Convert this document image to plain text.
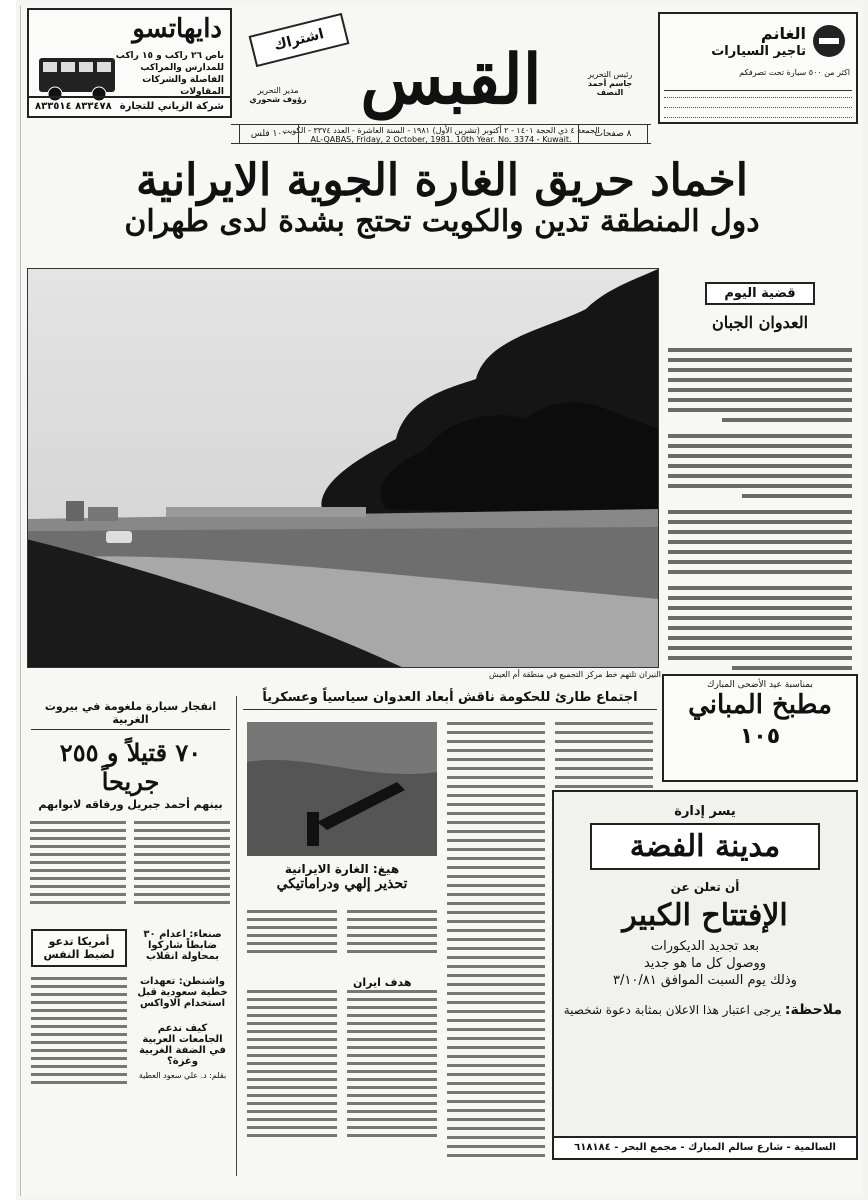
دايهاتسو
باص ٢٦ راكب و ١٥ راكب
للمدارس والمراكب
الفاصلة والشركات
المقاولات
شركة الزياني للتجارة
٨٣٣٤٧٨ ٨٣٣٥١٤
الغانم
تاجير السيارات
اكثر من ٥٠٠ سيارة تحت تصرفكم
اشتراك القبس	رئيس التحرير
جاسم أحمد النصف
مدير التحرير
رؤوف شحوري
الجمعة ٤ ذي الحجة ١٤٠١ - ٢ أكتوبر (تشرين الأول) ١٩٨١ - السنة العاشرة - العدد ٣٣٧٤ - الكويت
AL-QABAS, Friday, 2 October, 1981. 10th Year. No. 3374 - Kuwait.
١٠٠ فلس	٨ صفحات
اخماد حريق الغارة الجوية الايرانية
دول المنطقة تدين والكويت تحتج بشدة لدى طهران
النيران تلتهم خط مركز التجميع في منطقة أم العيش
قضية اليوم
العدوان الجبان
بمناسبة عيد الأضحى المبارك
مطبخ المباني
١٠٥
انفجار سيارة ملغومة في بيروت الغربية
٧٠ قتيلاً و ٢٥٥ جريحاً
بينهم أحمد جبريل ورفاقه لابوابهم
صنعاء: اعدام ٣٠ ضابطاً شاركوا بمحاولة انقلاب
واشنطن: تعهدات خطية سعودية قبل استخدام الاواكس
كيف ندعم الجامعات العربية في الضفة الغربية وغزة؟
بقلم: د. علي سعود العطية
أمريكا تدعو لضبط النفس
اجتماع طارئ للحكومة ناقش أبعاد العدوان سياسياً وعسكرياً
هيغ: الغارة الايرانية
تحذير إلهي ودراماتيكي
هدف ايران
يسر إدارة
مدينة الفضة
أن تعلن عن
الإفتتاح الكبير
بعد تجديد الديكورات
ووصول كل ما هو جديد
وذلك يوم السبت الموافق ٣/١٠/٨١
ملاحظة: يرجى اعتبار هذا الاعلان بمثابة دعوة شخصية
السالمية - شارع سالم المبارك - مجمع البحر - ٦١٨١٨٤
